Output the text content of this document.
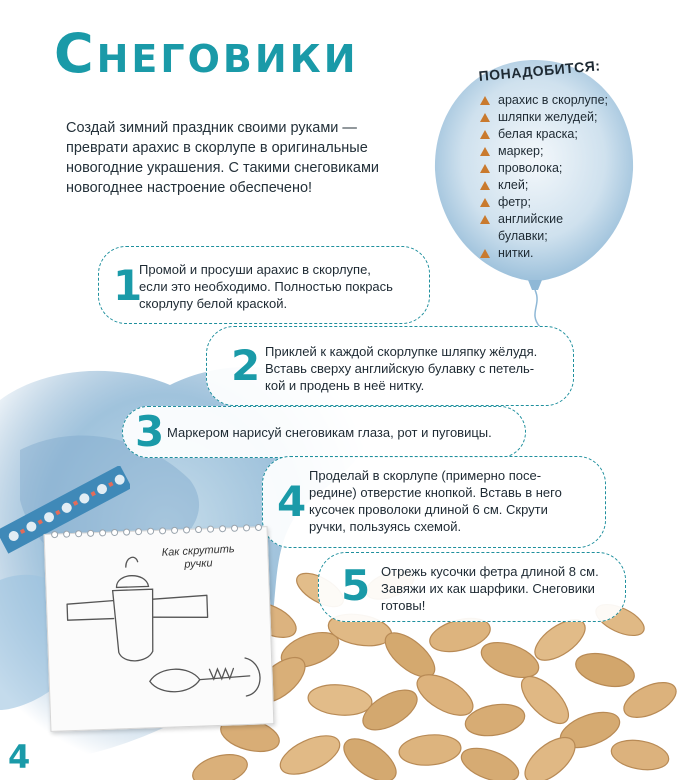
Снеговики
Создай зимний праздник своими руками — преврати арахис в скорлупе в оригинальные новогодние украшения. С такими снеговиками новогоднее настроение обеспечено!
ПОНАДОБИТСЯ:
арахис в скорлупе;
шляпки желудей;
белая краска;
маркер;
проволока;
клей;
фетр;
английские
булавки;
нитки.
1
Промой и просуши арахис в скорлупе,
если это необходимо. Полностью покрась
скорлупу белой краской.
2 Приклей к каждой скорлупке шляпку жёлудя.
Вставь сверху английскую булавку с петель-
кой и продень в неё нитку.
3 Маркером нарисуй снеговикам глаза, рот и пуговицы.
4
Проделай в скорлупе (примерно посе-
редине) отверстие кнопкой. Вставь в него
кусочек проволоки длиной 6 см. Скрути
ручки, пользуясь схемой.
5 Отрежь кусочки фетра длиной 8 см.
Завяжи их как шарфики. Снеговики
готовы!
Как скрутить
ручки
4
